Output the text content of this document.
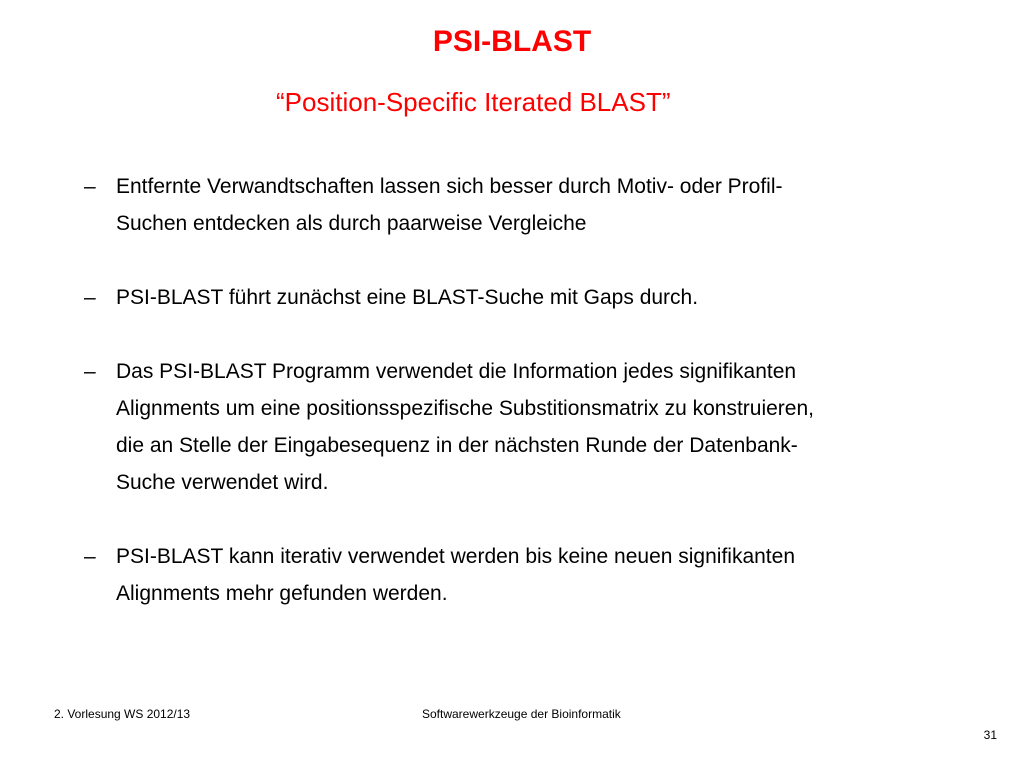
PSI-BLAST
“Position-Specific Iterated BLAST”
– Entfernte Verwandtschaften lassen sich besser durch Motiv- oder Profil-
Suchen entdecken als durch paarweise Vergleiche
– PSI-BLAST führt zunächst eine BLAST-Suche mit Gaps durch.
– Das PSI-BLAST Programm verwendet die Information jedes signifikanten
Alignments um eine positionsspezifische Substitionsmatrix zu konstruieren,
die an Stelle der Eingabesequenz in der nächsten Runde der Datenbank-
Suche verwendet wird.
– PSI-BLAST kann iterativ verwendet werden bis keine neuen signifikanten
Alignments mehr gefunden werden.
2. Vorlesung WS 2012/13	Softwarewerkzeuge der Bioinformatik
31
